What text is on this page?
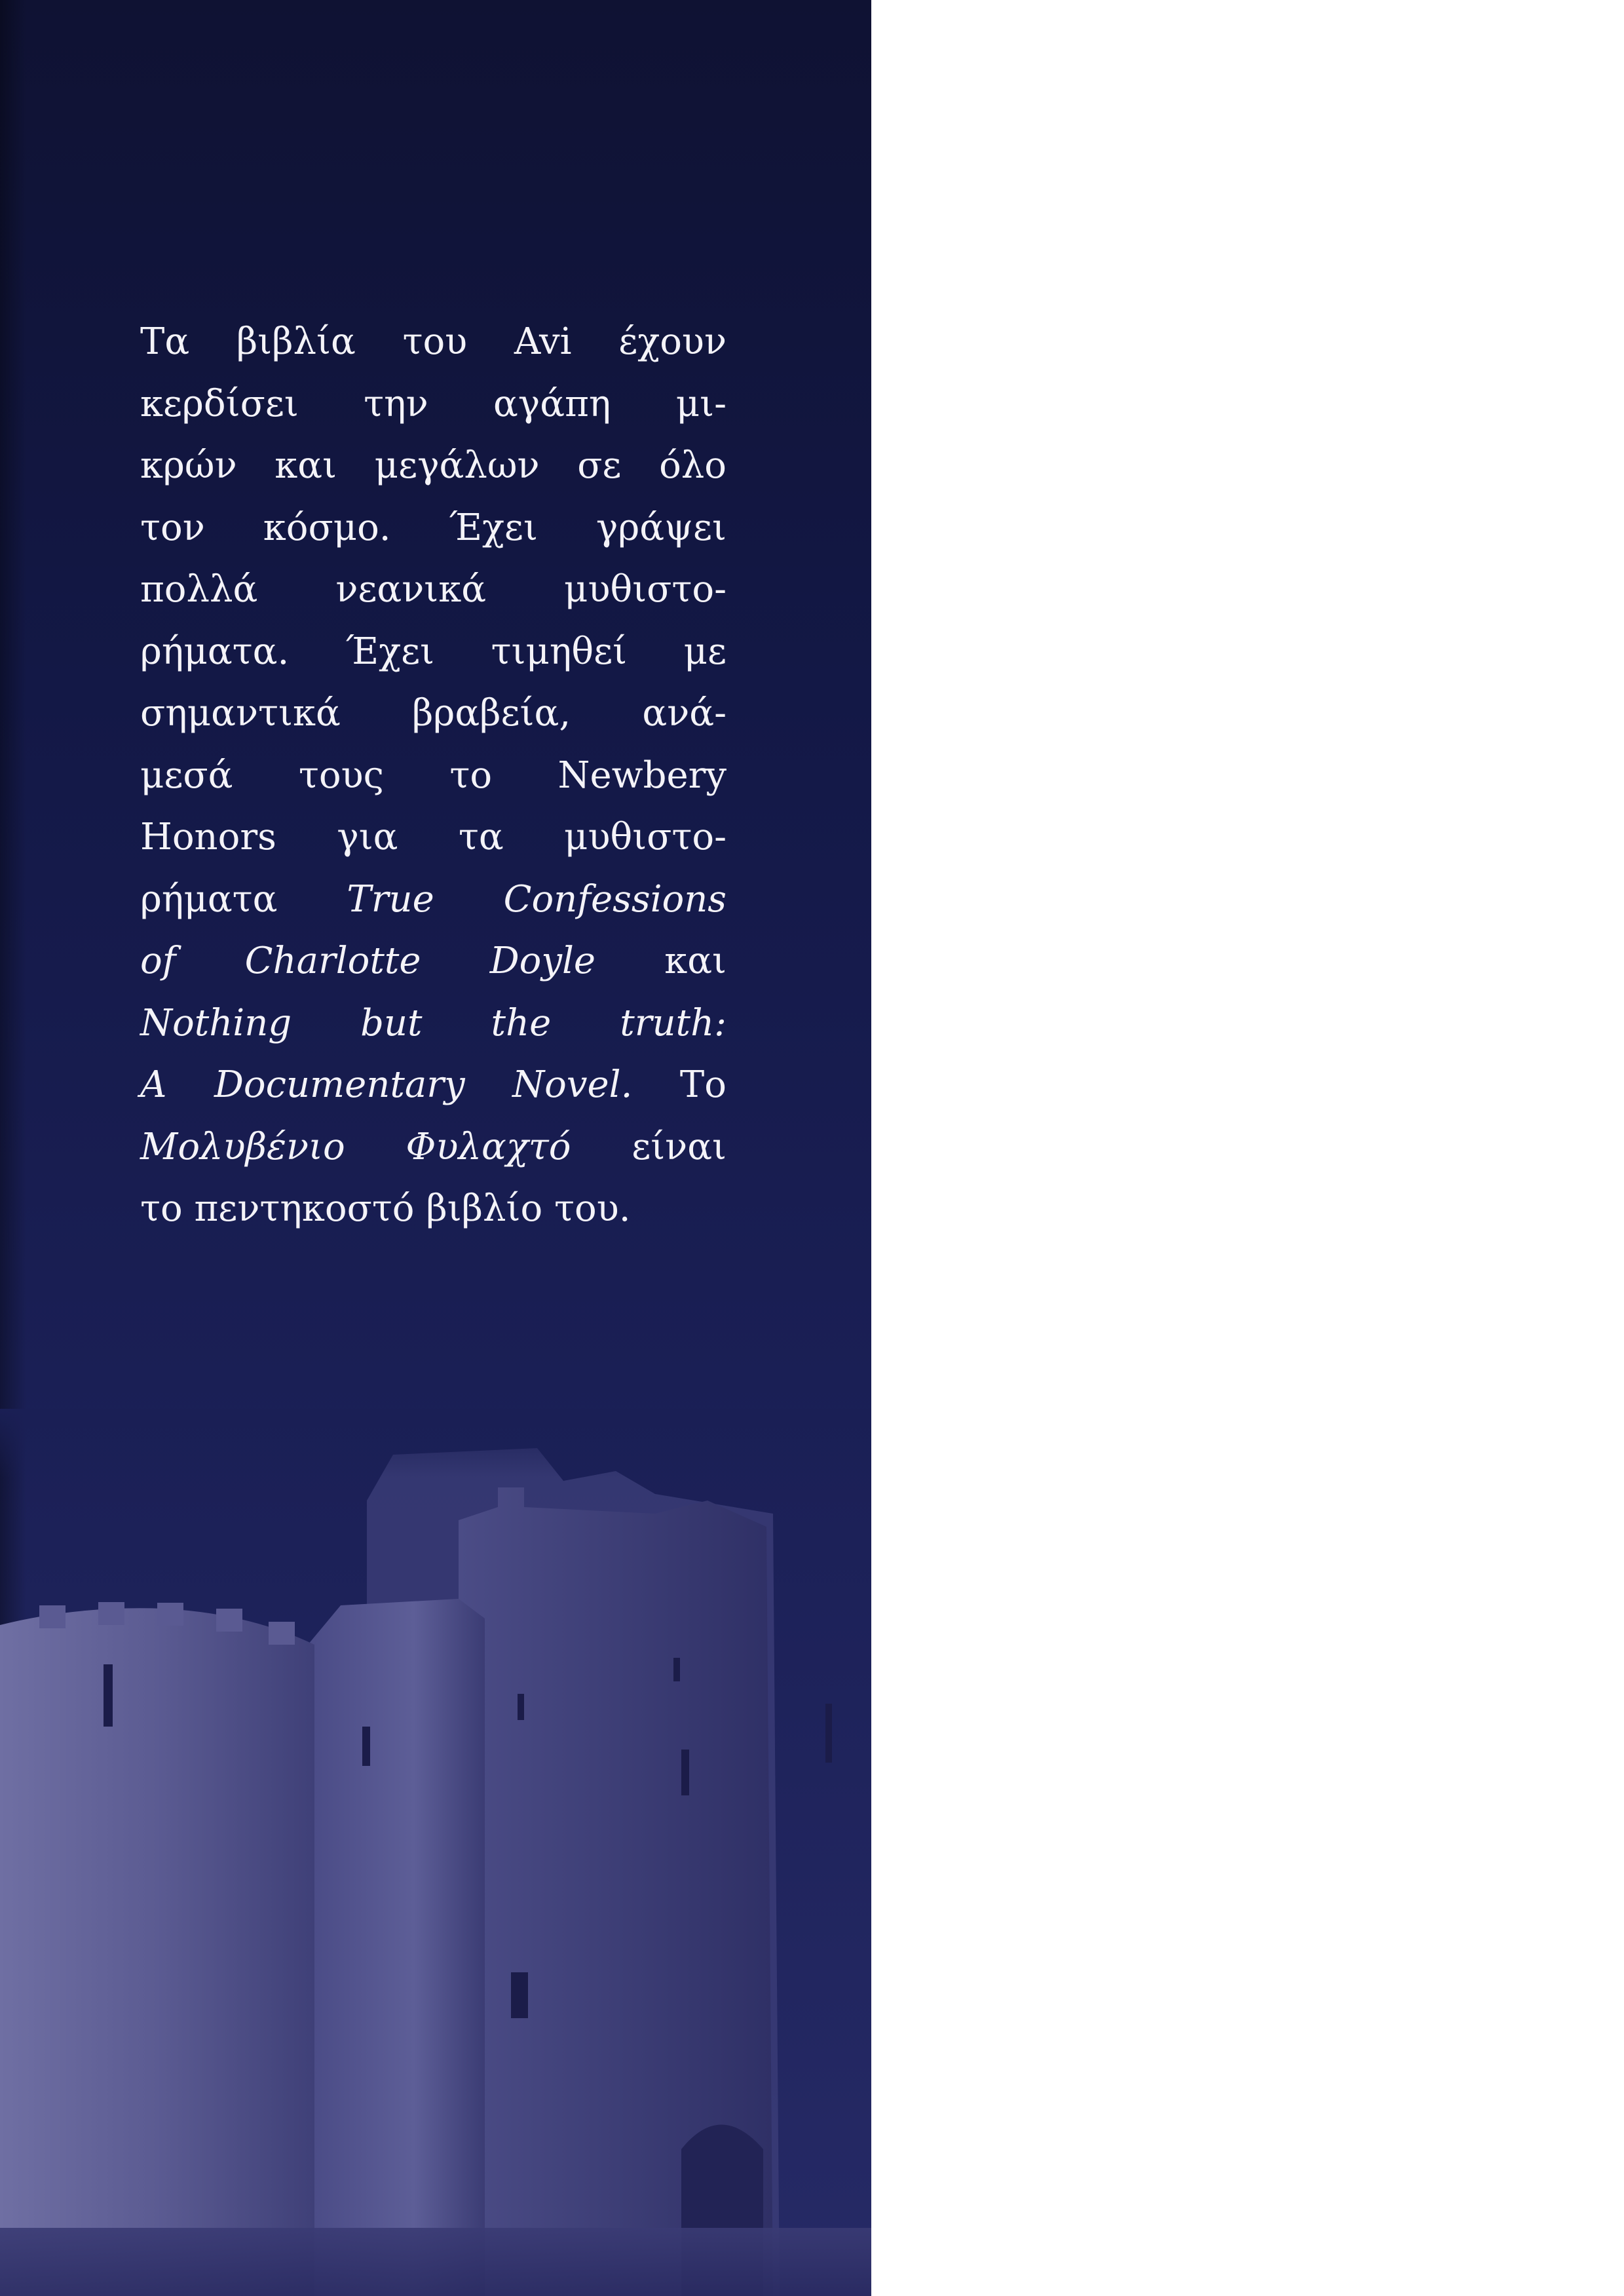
Τα βιβλία του Avi έχουν
κερδίσει την αγάπη μι-
κρών και μεγάλων σε όλο
τον κόσμο. Έχει γράψει
πολλά νεανικά μυθιστο-
ρήματα. Έχει τιμηθεί με
σημαντικά βραβεία, ανά-
μεσά τους το Newbery
Honors για τα μυθιστο-
ρήματα True Confessions
of Charlotte Doyle και
Nothing but the truth:
A Documentary Novel. Το
Μολυβένιο Φυλαχτό είναι
το πεντηκοστό βιβλίο του.
